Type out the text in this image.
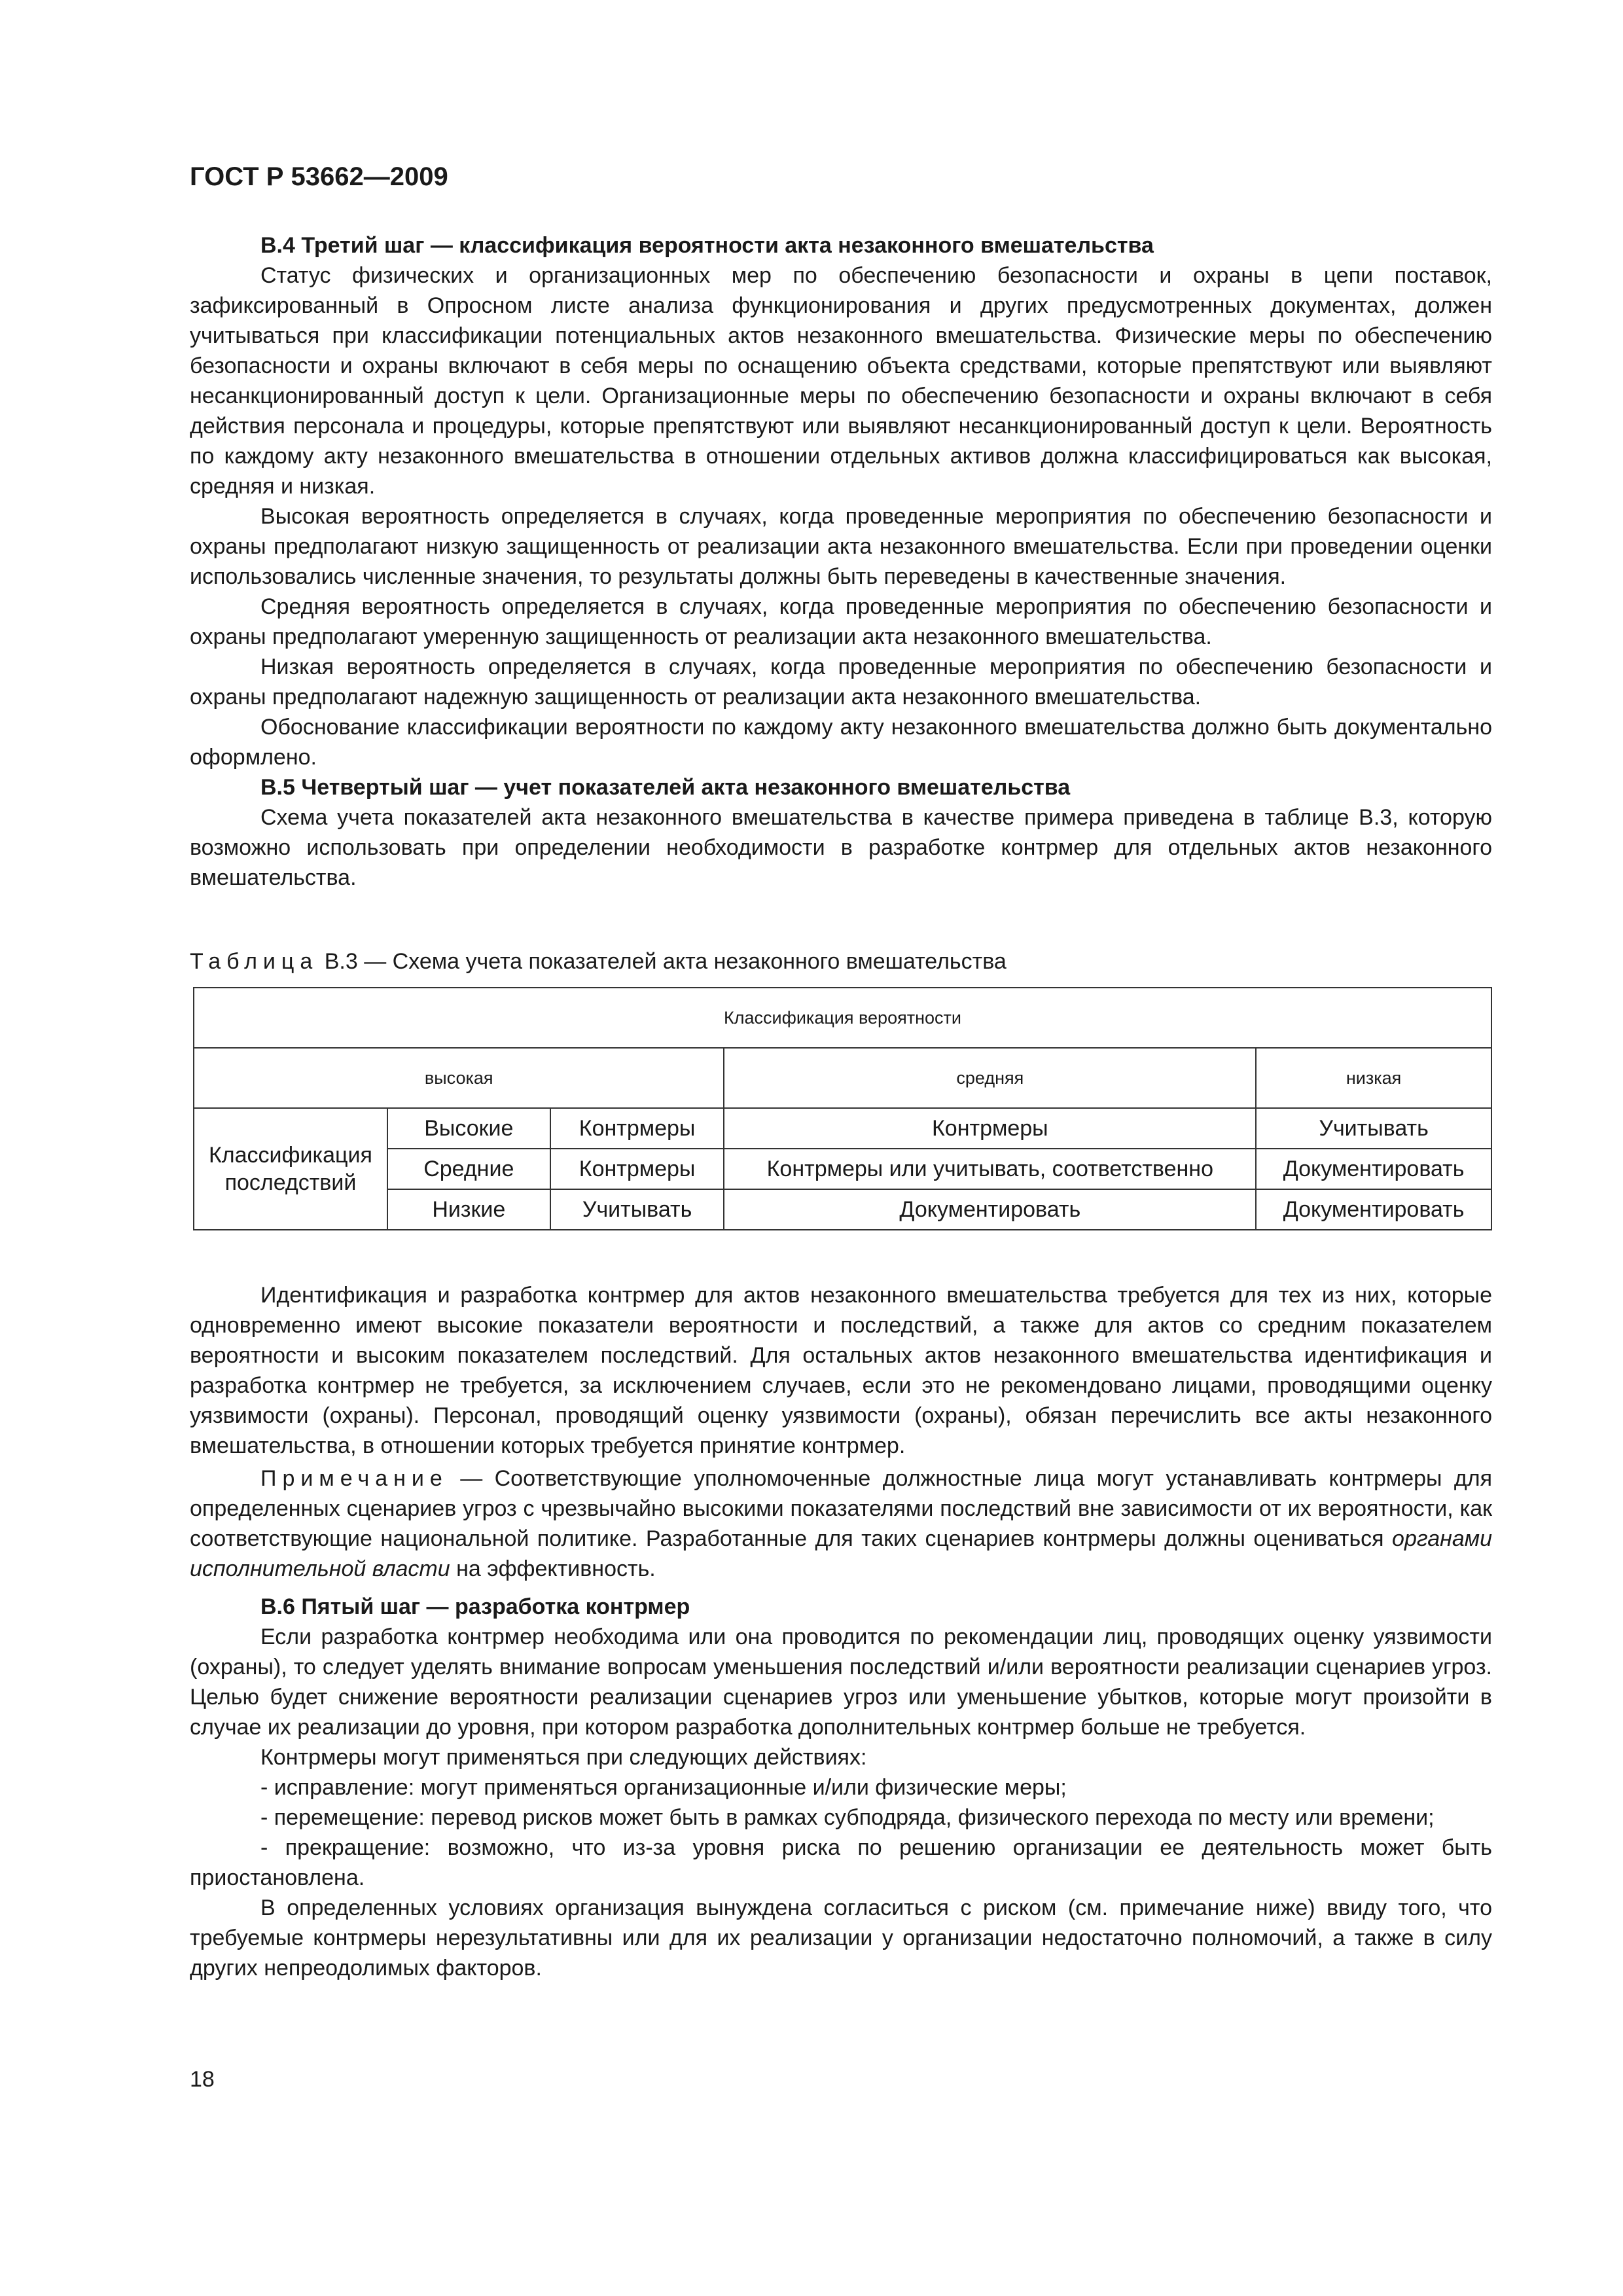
ГОСТ Р 53662—2009

В.4 Третий шаг — классификация вероятности акта незаконного вмешательства

Статус физических и организационных мер по обеспечению безопасности и охраны в цепи поставок, зафиксированный в Опросном листе анализа функционирования и других предусмотренных документах, должен учитываться при классификации потенциальных актов незаконного вмешательства. Физические меры по обеспечению безопасности и охраны включают в себя меры по оснащению объекта средствами, которые препятствуют или выявляют несанкционированный доступ к цели. Организационные меры по обеспечению безопасности и охраны включают в себя действия персонала и процедуры, которые препятствуют или выявляют несанкционированный доступ к цели. Вероятность по каждому акту незаконного вмешательства в отношении отдельных активов должна классифицироваться как высокая, средняя и низкая.

Высокая вероятность определяется в случаях, когда проведенные мероприятия по обеспечению безопасности и охраны предполагают низкую защищенность от реализации акта незаконного вмешательства. Если при проведении оценки использовались численные значения, то результаты должны быть переведены в качественные значения.

Средняя вероятность определяется в случаях, когда проведенные мероприятия по обеспечению безопасности и охраны предполагают умеренную защищенность от реализации акта незаконного вмешательства.

Низкая вероятность определяется в случаях, когда проведенные мероприятия по обеспечению безопасности и охраны предполагают надежную защищенность от реализации акта незаконного вмешательства.

Обоснование классификации вероятности по каждому акту незаконного вмешательства должно быть документально оформлено.

В.5 Четвертый шаг — учет показателей акта незаконного вмешательства

Схема учета показателей акта незаконного вмешательства в качестве примера приведена в таблице В.3, которую возможно использовать при определении необходимости в разработке контрмер для отдельных актов незаконного вмешательства.

Таблица В.3 — Схема учета показателей акта незаконного вмешательства

Классификация вероятности				
высокая			средняя	низкая
Классификация последствий	Высокие	Контрмеры	Контрмеры	Учитывать
	Средние	Контрмеры	Контрмеры или учитывать, соответственно	Документировать
	Низкие	Учитывать	Документировать	Документировать

Идентификация и разработка контрмер для актов незаконного вмешательства требуется для тех из них, которые одновременно имеют высокие показатели вероятности и последствий, а также для актов со средним показателем вероятности и высоким показателем последствий. Для остальных актов незаконного вмешательства идентификация и разработка контрмер не требуется, за исключением случаев, если это не рекомендовано лицами, проводящими оценку уязвимости (охраны). Персонал, проводящий оценку уязвимости (охраны), обязан перечислить все акты незаконного вмешательства, в отношении которых требуется принятие контрмер.

Примечание — Соответствующие уполномоченные должностные лица могут устанавливать контрмеры для определенных сценариев угроз с чрезвычайно высокими показателями последствий вне зависимости от их вероятности, как соответствующие национальной политике. Разработанные для таких сценариев контрмеры должны оцениваться органами исполнительной власти на эффективность.

В.6 Пятый шаг — разработка контрмер

Если разработка контрмер необходима или она проводится по рекомендации лиц, проводящих оценку уязвимости (охраны), то следует уделять внимание вопросам уменьшения последствий и/или вероятности реализации сценариев угроз. Целью будет снижение вероятности реализации сценариев угроз или уменьшение убытков, которые могут произойти в случае их реализации до уровня, при котором разработка дополнительных контрмер больше не требуется.

Контрмеры могут применяться при следующих действиях:

- исправление: могут применяться организационные и/или физические меры;

- перемещение: перевод рисков может быть в рамках субподряда, физического перехода по месту или времени;

- прекращение: возможно, что из-за уровня риска по решению организации ее деятельность может быть приостановлена.

В определенных условиях организация вынуждена согласиться с риском (см. примечание ниже) ввиду того, что требуемые контрмеры нерезультативны или для их реализации у организации недостаточно полномочий, а также в силу других непреодолимых факторов.

18
